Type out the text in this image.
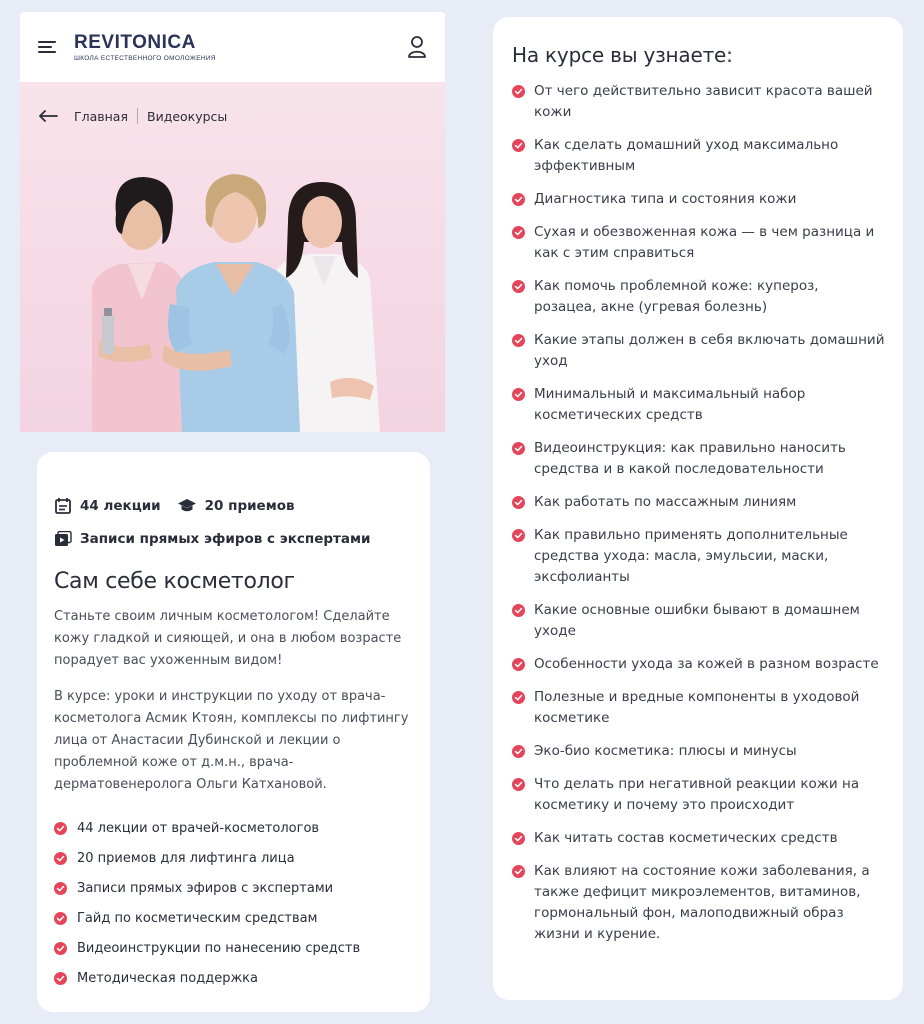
REVITONICA
ШКОЛА ЕСТЕСТВЕННОГО ОМОЛОЖЕНИЯ
Главная Видеокурсы
44 лекции	20 приемов
Записи прямых эфиров с экспертами
Сам себе косметолог

Станьте своим личным косметологом! Сделайте кожу гладкой и сияющей, и она в любом возрасте порадует вас ухоженным видом!

В курсе: уроки и инструкции по уходу от врача-косметолога Асмик Ктоян, комплексы по лифтингу лица от Анастасии Дубинской и лекции о проблемной коже от д.м.н., врача-дерматовенеролога Ольги Катхановой.

44 лекции от врачей-косметологов
20 приемов для лифтинга лица
Записи прямых эфиров с экспертами
Гайд по косметическим средствам
Видеоинструкции по нанесению средств
Методическая поддержка
На курсе вы узнаете:
От чего действительно зависит красота вашей кожи
Как сделать домашний уход максимально эффективным
Диагностика типа и состояния кожи
Сухая и обезвоженная кожа — в чем разница и как с этим справиться
Как помочь проблемной коже: купероз, розацеа, акне (угревая болезнь)
Какие этапы должен в себя включать домашний уход
Минимальный и максимальный набор косметических средств
Видеоинструкция: как правильно наносить средства и в какой последовательности
Как работать по массажным линиям
Как правильно применять дополнительные средства ухода: масла, эмульсии, маски, эксфолианты
Какие основные ошибки бывают в домашнем уходе
Особенности ухода за кожей в разном возрасте
Полезные и вредные компоненты в уходовой косметике
Эко-био косметика: плюсы и минусы
Что делать при негативной реакции кожи на косметику и почему это происходит
Как читать состав косметических средств
Как влияют на состояние кожи заболевания, а также дефицит микроэлементов, витаминов, гормональный фон, малоподвижный образ жизни и курение.
